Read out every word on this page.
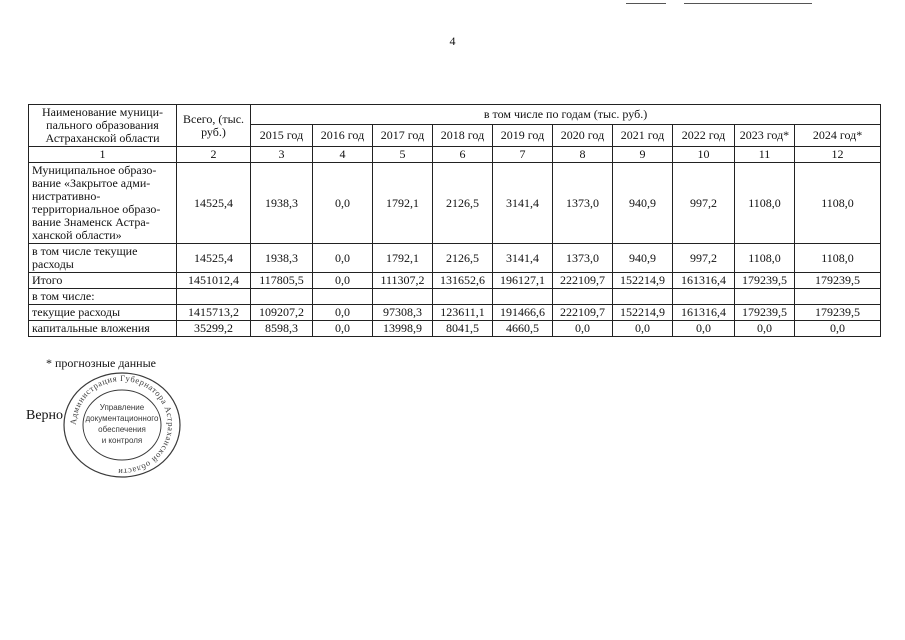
4
Наименование муници-пального образования Астраханской области	Всего, (тыс. руб.)	в том числе по годам (тыс. руб.)									
		2015 год	2016 год	2017 год	2018 год	2019 год	2020 год	2021 год	2022 год	2023 год*	2024 год*
1	2	3	4	5	6	7	8	9	10	11	12
Муниципальное образо-вание «Закрытое адми-нистративно-территориальное образо-вание Знаменск Астра-ханской области»	14525,4	1938,3	0,0	1792,1	2126,5	3141,4	1373,0	940,9	997,2	1108,0	1108,0
в том числе текущие расходы	14525,4	1938,3	0,0	1792,1	2126,5	3141,4	1373,0	940,9	997,2	1108,0	1108,0
Итого	1451012,4	117805,5	0,0	111307,2	131652,6	196127,1	222109,7	152214,9	161316,4	179239,5	179239,5
в том числе:											
текущие расходы	1415713,2	109207,2	0,0	97308,3	123611,1	191466,6	222109,7	152214,9	161316,4	179239,5	179239,5
капитальные вложения	35299,2	8598,3	0,0	13998,9	8041,5	4660,5	0,0	0,0	0,0	0,0	0,0
* прогнозные данные
Верно Администрация Губернатора Астраханской области
Управление
документационного
обеспечения
и контроля
